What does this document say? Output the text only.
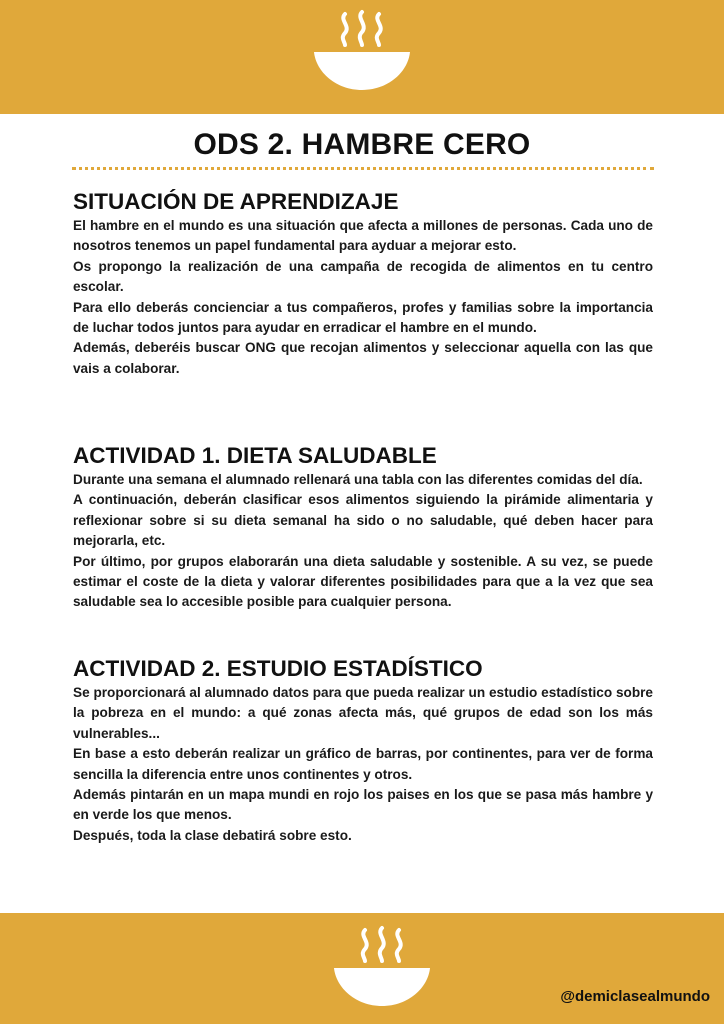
ODS 2. HAMBRE CERO
SITUACIÓN DE APRENDIZAJE

El hambre en el mundo es una situación que afecta a millones de personas. Cada uno de nosotros tenemos un papel fundamental para ayduar a mejorar esto.

Os propongo la realización de una campaña de recogida de alimentos en tu centro escolar.

Para ello deberás concienciar a tus compañeros, profes y familias sobre la importancia de luchar todos juntos para ayudar en erradicar el hambre en el mundo.

Además, deberéis buscar ONG que recojan alimentos y seleccionar aquella con las que vais a colaborar.

ACTIVIDAD 1. DIETA SALUDABLE

Durante una semana el alumnado rellenará una tabla con las diferentes comidas del día.

A continuación, deberán clasificar esos alimentos siguiendo la pirámide alimentaria y reflexionar sobre si su dieta semanal ha sido o no saludable, qué deben hacer para mejorarla, etc.

Por último, por grupos elaborarán una dieta saludable y sostenible. A su vez, se puede estimar el coste de la dieta y valorar diferentes posibilidades para que a la vez que sea saludable sea lo accesible posible para cualquier persona.

ACTIVIDAD 2. ESTUDIO ESTADÍSTICO

Se proporcionará al alumnado datos para que pueda realizar un estudio estadístico sobre la pobreza en el mundo: a qué zonas afecta más, qué grupos de edad son los más vulnerables...

En base a esto deberán realizar un gráfico de barras, por continentes, para ver de forma sencilla la diferencia entre unos continentes y otros.

Además pintarán en un mapa mundi en rojo los paises en los que se pasa más hambre y en verde los que menos.

Después, toda la clase debatirá sobre esto.

@demiclasealmundo
